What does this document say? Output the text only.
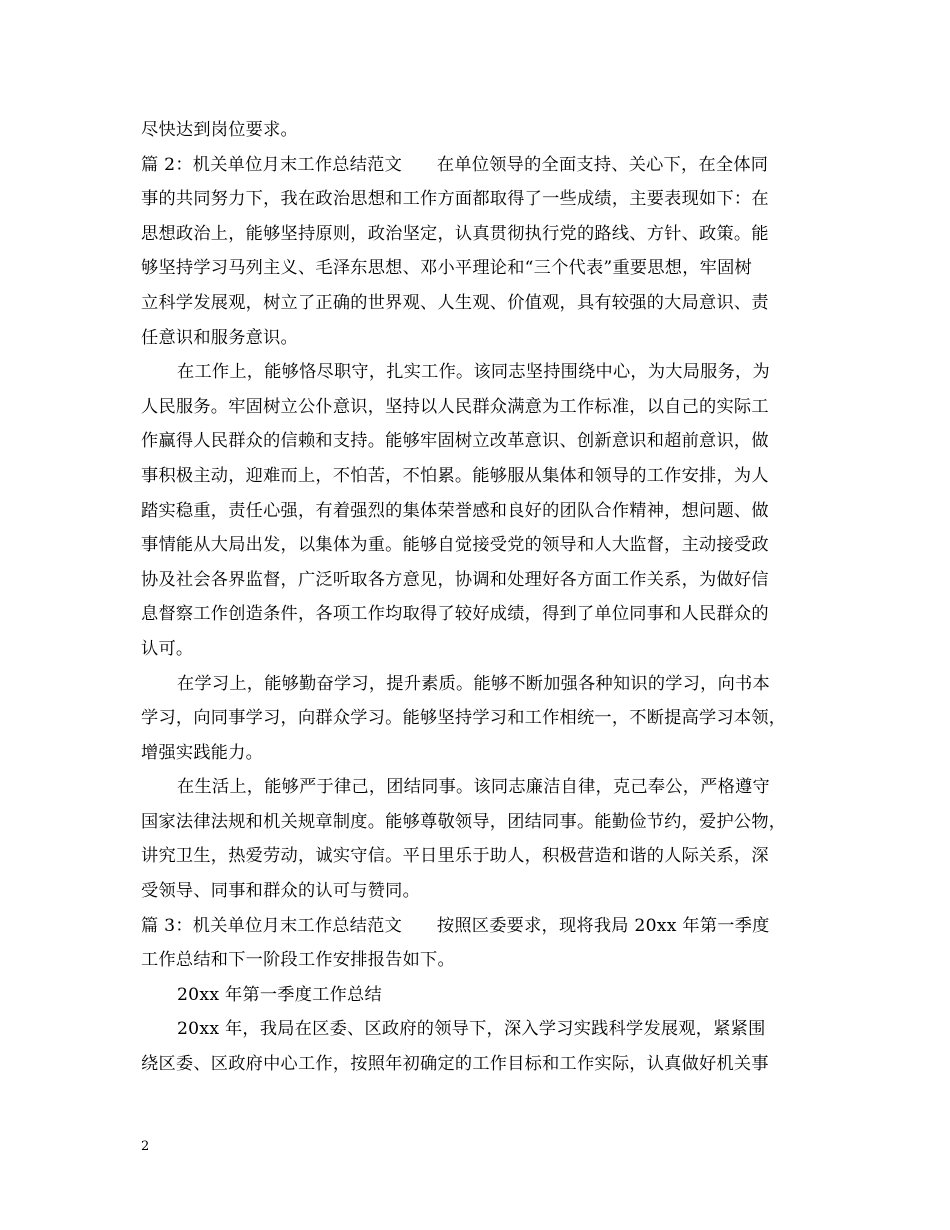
尽快达到岗位要求。
篇 2：机关单位月末工作总结范文　　在单位领导的全面支持、关心下，在全体同
事的共同努力下，我在政治思想和工作方面都取得了一些成绩，主要表现如下：在
思想政治上，能够坚持原则，政治坚定，认真贯彻执行党的路线、方针、政策。能
够坚持学习马列主义、毛泽东思想、邓小平理论和“三个代表”重要思想，牢固树
立科学发展观，树立了正确的世界观、人生观、价值观，具有较强的大局意识、责
任意识和服务意识。
在工作上，能够恪尽职守，扎实工作。该同志坚持围绕中心，为大局服务，为
人民服务。牢固树立公仆意识，坚持以人民群众满意为工作标准，以自己的实际工
作赢得人民群众的信赖和支持。能够牢固树立改革意识、创新意识和超前意识，做
事积极主动，迎难而上，不怕苦，不怕累。能够服从集体和领导的工作安排，为人
踏实稳重，责任心强，有着强烈的集体荣誉感和良好的团队合作精神，想问题、做
事情能从大局出发，以集体为重。能够自觉接受党的领导和人大监督，主动接受政
协及社会各界监督，广泛听取各方意见，协调和处理好各方面工作关系，为做好信
息督察工作创造条件，各项工作均取得了较好成绩，得到了单位同事和人民群众的
认可。
在学习上，能够勤奋学习，提升素质。能够不断加强各种知识的学习，向书本
学习，向同事学习，向群众学习。能够坚持学习和工作相统一，不断提高学习本领，
增强实践能力。
在生活上，能够严于律己，团结同事。该同志廉洁自律，克己奉公，严格遵守
国家法律法规和机关规章制度。能够尊敬领导，团结同事。能勤俭节约，爱护公物，
讲究卫生，热爱劳动，诚实守信。平日里乐于助人，积极营造和谐的人际关系，深
受领导、同事和群众的认可与赞同。
篇 3：机关单位月末工作总结范文　　按照区委要求，现将我局 20xx 年第一季度
工作总结和下一阶段工作安排报告如下。
20xx 年第一季度工作总结
20xx 年，我局在区委、区政府的领导下，深入学习实践科学发展观，紧紧围
绕区委、区政府中心工作，按照年初确定的工作目标和工作实际，认真做好机关事
2
